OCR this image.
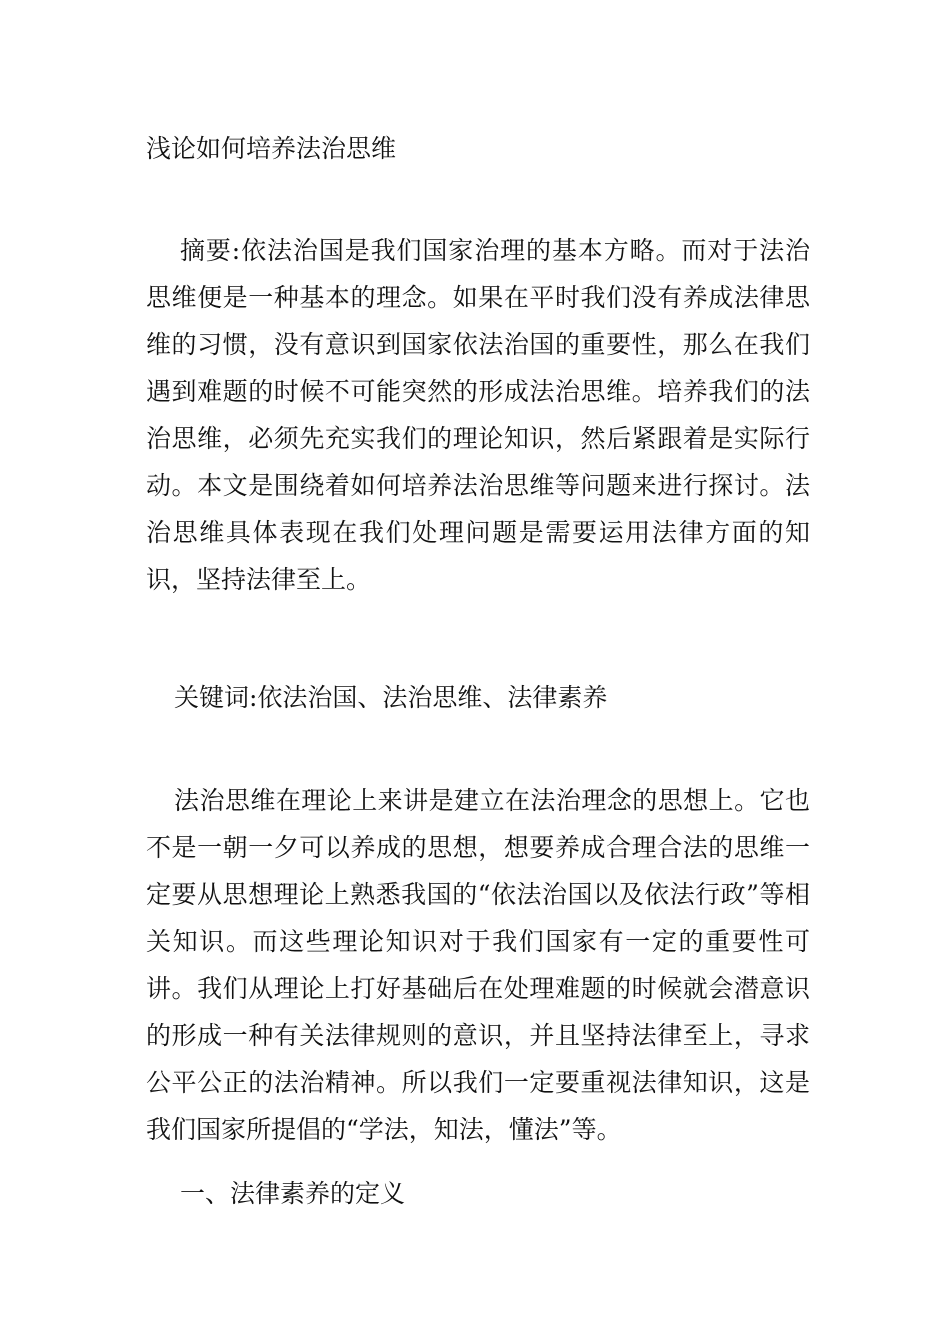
浅论如何培养法治思维

摘要:依法治国是我们国家治理的基本方略。而对于法治思维便是一种基本的理念。如果在平时我们没有养成法律思维的习惯，没有意识到国家依法治国的重要性，那么在我们遇到难题的时候不可能突然的形成法治思维。培养我们的法治思维，必须先充实我们的理论知识，然后紧跟着是实际行动。本文是围绕着如何培养法治思维等问题来进行探讨。法治思维具体表现在我们处理问题是需要运用法律方面的知识，坚持法律至上。

关键词:依法治国、法治思维、法律素养

法治思维在理论上来讲是建立在法治理念的思想上。它也不是一朝一夕可以养成的思想，想要养成合理合法的思维一定要从思想理论上熟悉我国的“依法治国以及依法行政”等相关知识。而这些理论知识对于我们国家有一定的重要性可讲。我们从理论上打好基础后在处理难题的时候就会潜意识的形成一种有关法律规则的意识，并且坚持法律至上，寻求公平公正的法治精神。所以我们一定要重视法律知识，这是我们国家所提倡的“学法，知法，懂法”等。

一、法律素养的定义
